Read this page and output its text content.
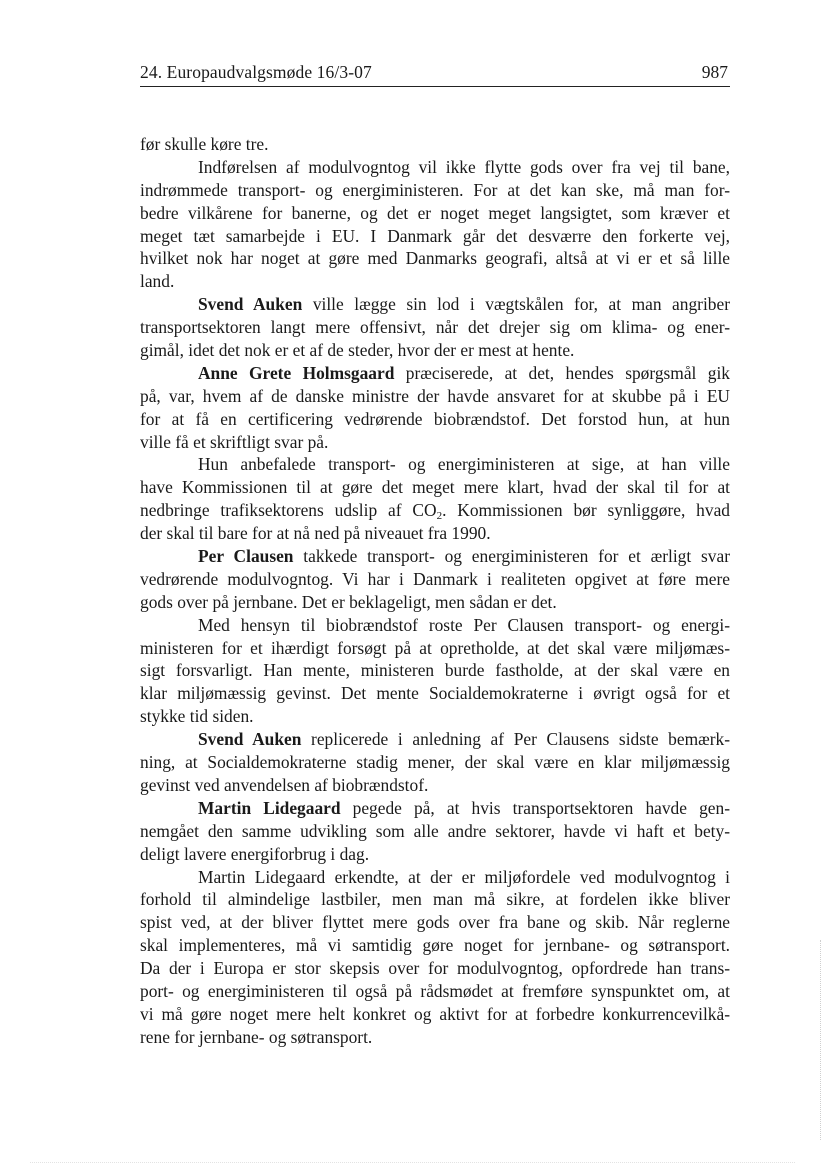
24. Europaudvalgsmøde 16/3-07	987
før skulle køre tre.
Indførelsen af modulvogntog vil ikke flytte gods over fra vej til bane,
indrømmede transport- og energiministeren. For at det kan ske, må man for-
bedre vilkårene for banerne, og det er noget meget langsigtet, som kræver et
meget tæt samarbejde i EU. I Danmark går det desværre den forkerte vej,
hvilket nok har noget at gøre med Danmarks geografi, altså at vi er et så lille
land.
Svend Auken ville lægge sin lod i vægtskålen for, at man angriber
transportsektoren langt mere offensivt, når det drejer sig om klima- og ener-
gimål, idet det nok er et af de steder, hvor der er mest at hente.
Anne Grete Holmsgaard præciserede, at det, hendes spørgsmål gik
på, var, hvem af de danske ministre der havde ansvaret for at skubbe på i EU
for at få en certificering vedrørende biobrændstof. Det forstod hun, at hun
ville få et skriftligt svar på.
Hun anbefalede transport- og energiministeren at sige, at han ville
have Kommissionen til at gøre det meget mere klart, hvad der skal til for at
nedbringe trafiksektorens udslip af $CO_2$. Kommissionen bør synliggøre, hvad
der skal til bare for at nå ned på niveauet fra 1990.
Per Clausen takkede transport- og energiministeren for et ærligt svar
vedrørende modulvogntog. Vi har i Danmark i realiteten opgivet at føre mere
gods over på jernbane. Det er beklageligt, men sådan er det.
Med hensyn til biobrændstof roste Per Clausen transport- og energi-
ministeren for et ihærdigt forsøgt på at opretholde, at det skal være miljømæs-
sigt forsvarligt. Han mente, ministeren burde fastholde, at der skal være en
klar miljømæssig gevinst. Det mente Socialdemokraterne i øvrigt også for et
stykke tid siden.
Svend Auken replicerede i anledning af Per Clausens sidste bemærk-
ning, at Socialdemokraterne stadig mener, der skal være en klar miljømæssig
gevinst ved anvendelsen af biobrændstof.
Martin Lidegaard pegede på, at hvis transportsektoren havde gen-
nemgået den samme udvikling som alle andre sektorer, havde vi haft et bety-
deligt lavere energiforbrug i dag.
Martin Lidegaard erkendte, at der er miljøfordele ved modulvogntog i
forhold til almindelige lastbiler, men man må sikre, at fordelen ikke bliver
spist ved, at der bliver flyttet mere gods over fra bane og skib. Når reglerne
skal implementeres, må vi samtidig gøre noget for jernbane- og søtransport.
Da der i Europa er stor skepsis over for modulvogntog, opfordrede han trans-
port- og energiministeren til også på rådsmødet at fremføre synspunktet om, at
vi må gøre noget mere helt konkret og aktivt for at forbedre konkurrencevilkå-
rene for jernbane- og søtransport.
